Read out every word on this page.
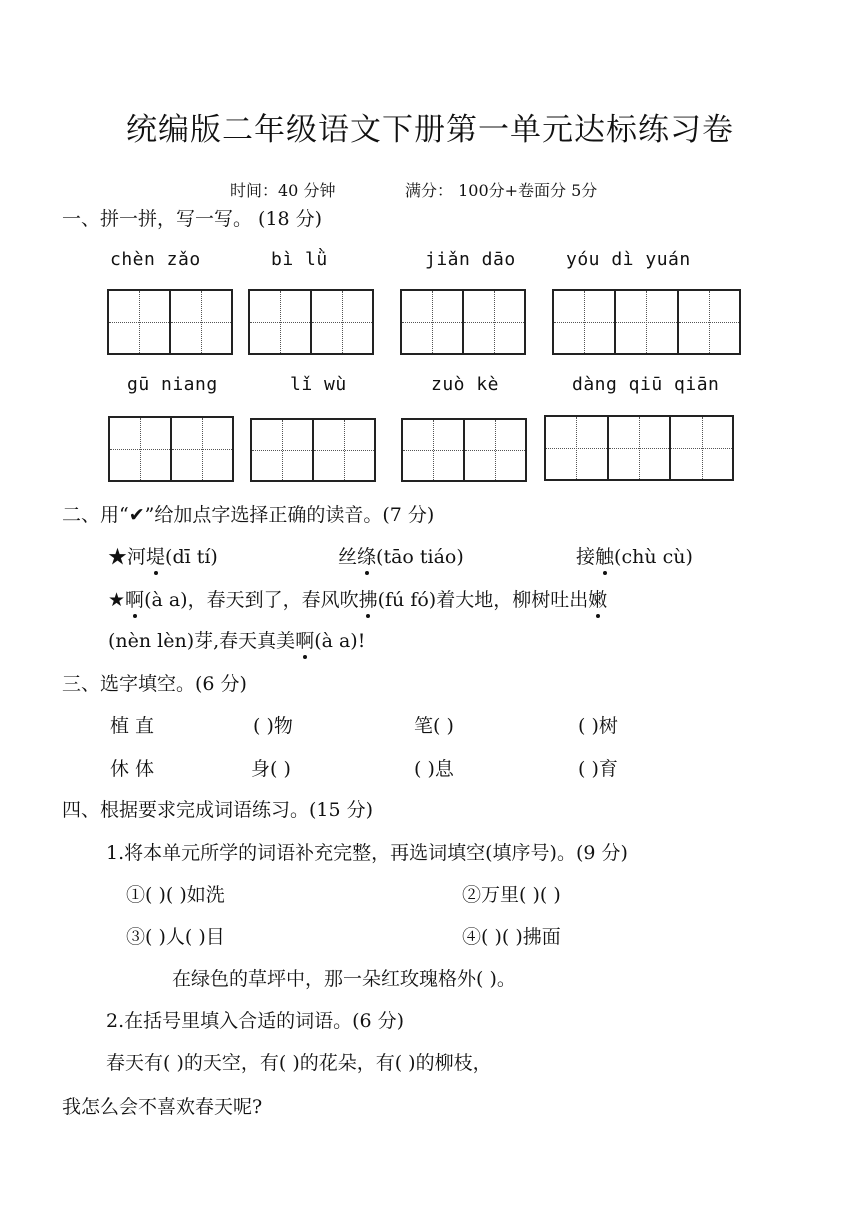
统编版二年级语文下册第一单元达标练习卷
时间：40 分钟	满分： 100分+卷面分 5分
一、拼一拼，写一写。 (18 分)
chèn zǎo	bì lǜ	jiǎn dāo	yóu dì yuán
gū niang	lǐ wù	zuò kè	dàng qiū qiān
二、用“✔”给加点字选择正确的读音。(7 分)
★河堤(dī tí)	丝绦(tāo tiáo)	接触(chù cù)
★啊(à a)，春天到了，春风吹拂(fú fó)着大地，柳树吐出嫩
(nèn lèn)芽,春天真美啊(à a)!
三、选字填空。(6 分)
植 直	( )物	笔( )	( )树
休 体	身( )	( )息	( )育
四、根据要求完成词语练习。(15 分)
1.将本单元所学的词语补充完整，再选词填空(填序号)。(9 分)
①( )( )如洗	②万里( )( )
③( )人( )目	④( )( )拂面
在绿色的草坪中，那一朵红玫瑰格外( )。
2.在括号里填入合适的词语。(6 分)
春天有( )的天空，有( )的花朵，有( )的柳枝，
我怎么会不喜欢春天呢?
